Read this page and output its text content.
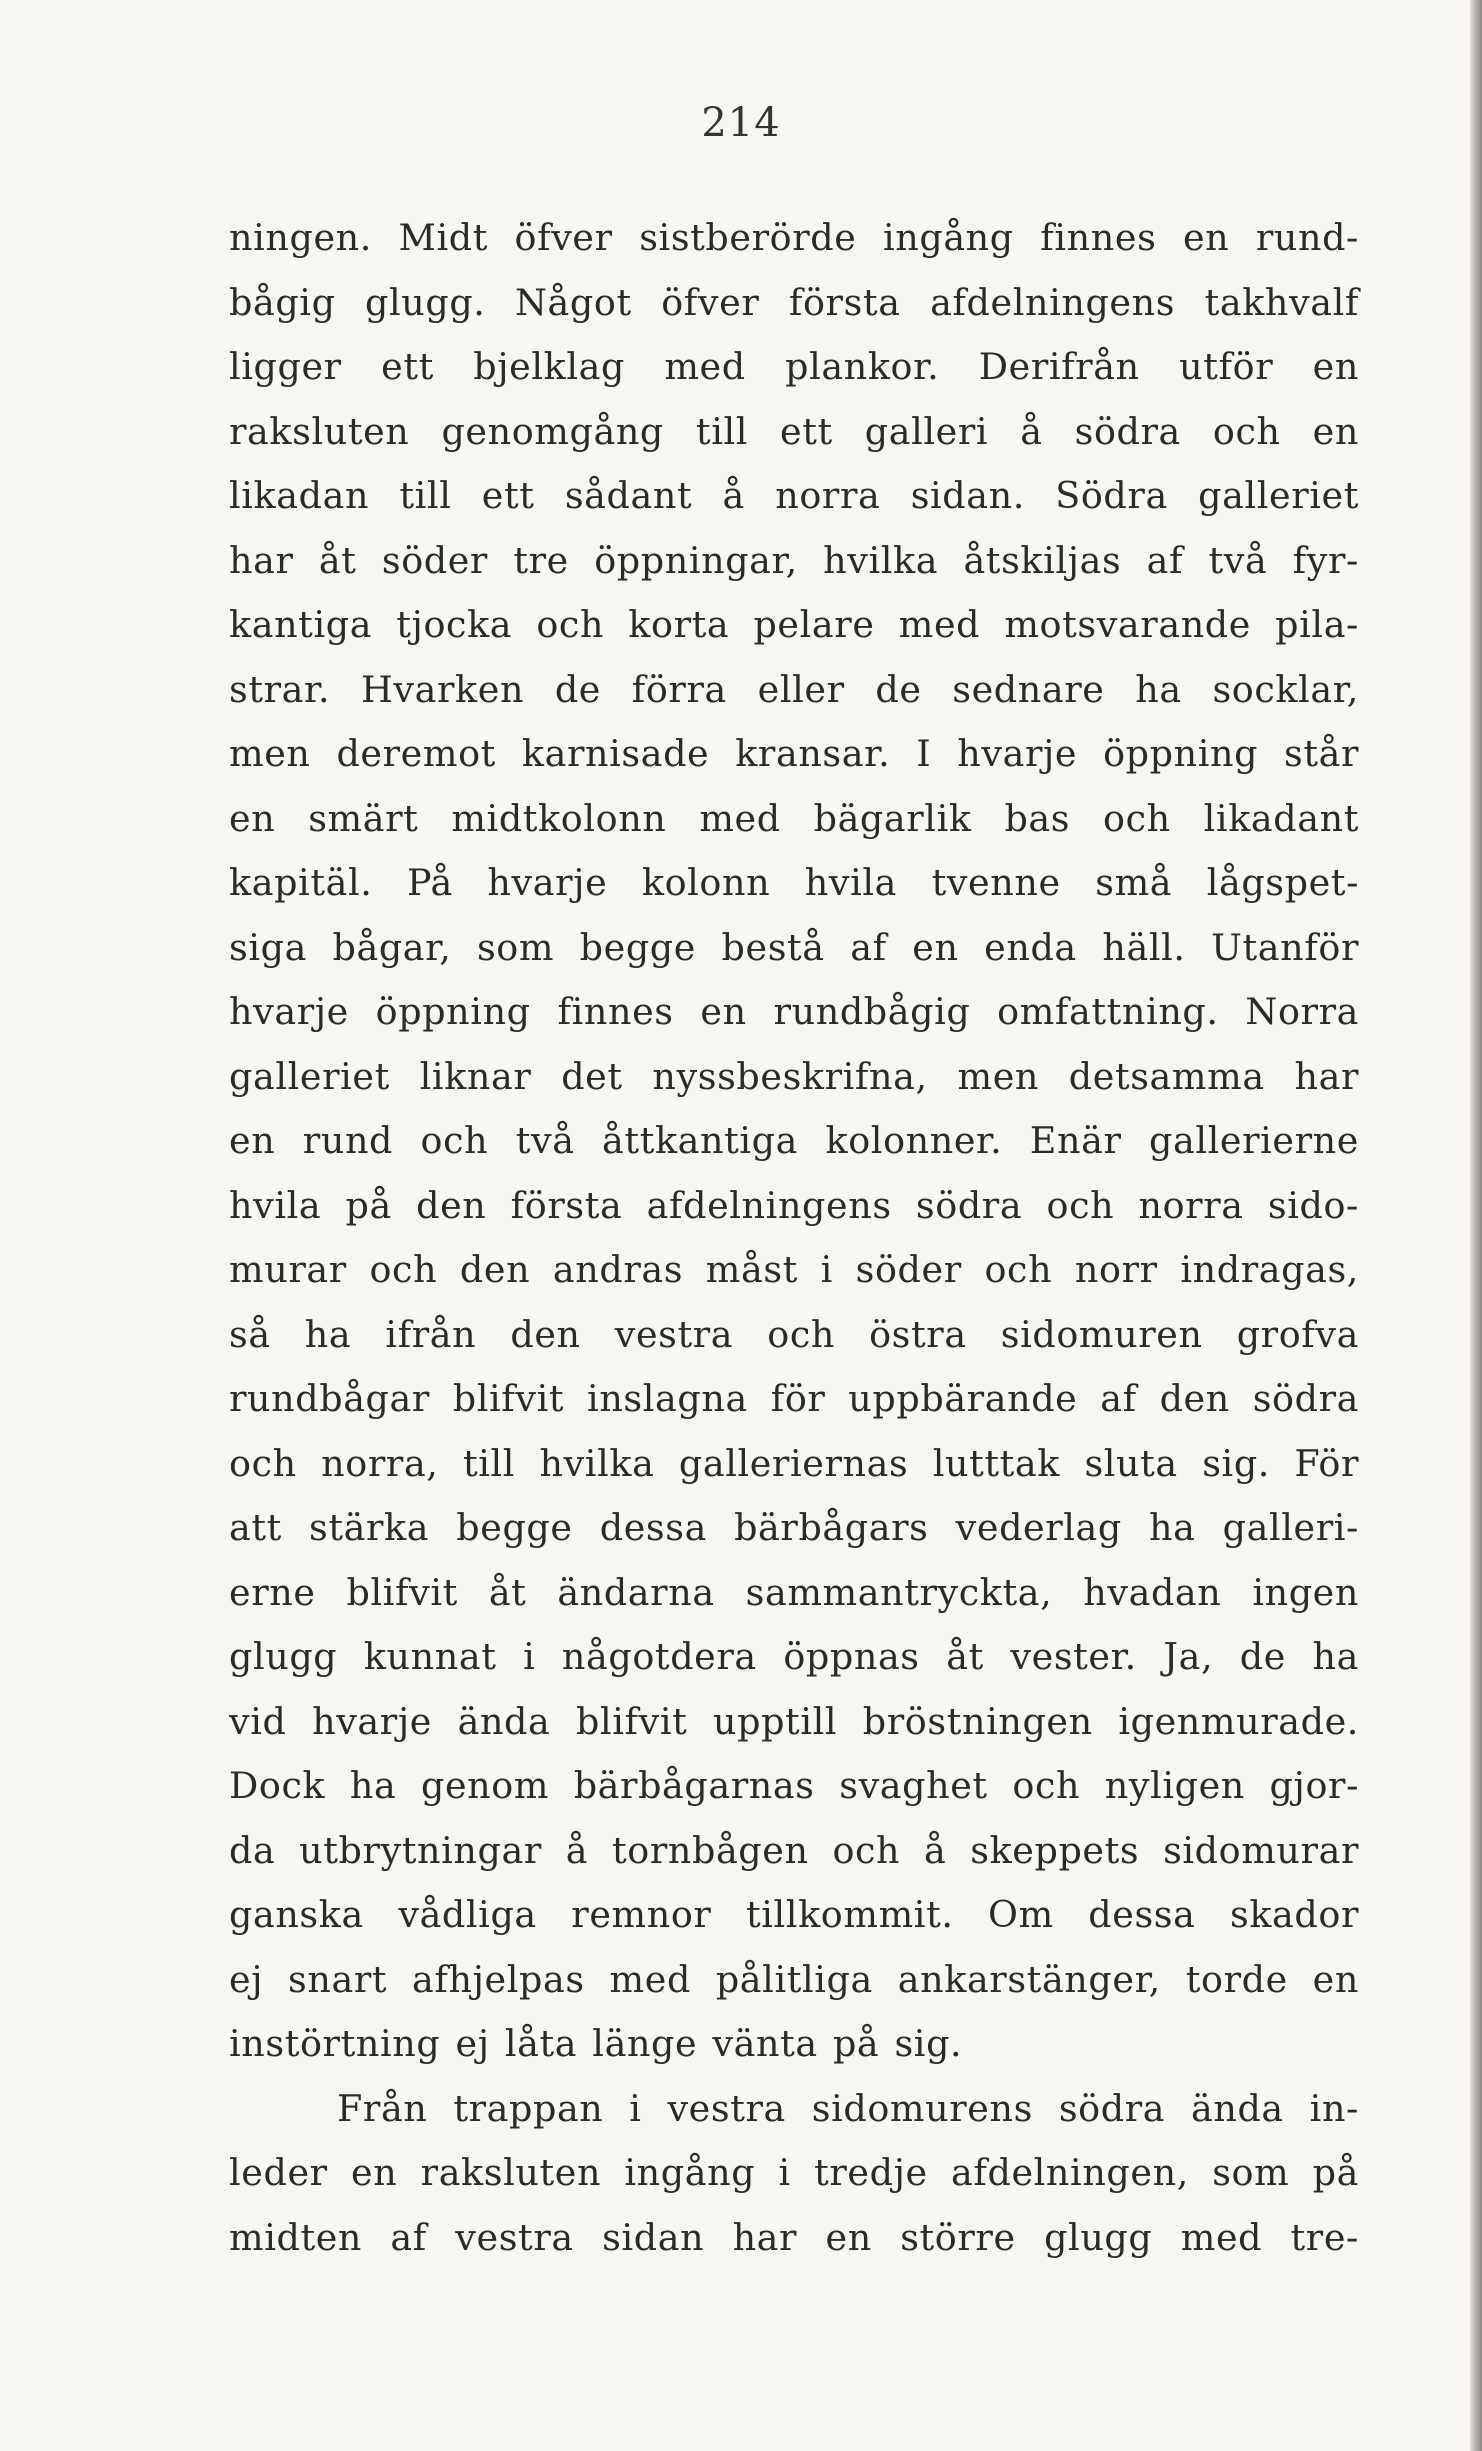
214
ningen. Midt öfver sistberörde ingång finnes en rund-
bågig glugg. Något öfver första afdelningens takhvalf
ligger ett bjelklag med plankor. Derifrån utför en
raksluten genomgång till ett galleri å södra och en
likadan till ett sådant å norra sidan. Södra galleriet
har åt söder tre öppningar, hvilka åtskiljas af två fyr-
kantiga tjocka och korta pelare med motsvarande pila-
strar. Hvarken de förra eller de sednare ha socklar,
men deremot karnisade kransar. I hvarje öppning står
en smärt midtkolonn med bägarlik bas och likadant
kapitäl. På hvarje kolonn hvila tvenne små lågspet-
siga bågar, som begge bestå af en enda häll. Utanför
hvarje öppning finnes en rundbågig omfattning. Norra
galleriet liknar det nyssbeskrifna, men detsamma har
en rund och två åttkantiga kolonner. Enär gallerierne
hvila på den första afdelningens södra och norra sido-
murar och den andras måst i söder och norr indragas,
så ha ifrån den vestra och östra sidomuren grofva
rundbågar blifvit inslagna för uppbärande af den södra
och norra, till hvilka galleriernas lutttak sluta sig. För
att stärka begge dessa bärbågars vederlag ha galleri-
erne blifvit åt ändarna sammantryckta, hvadan ingen
glugg kunnat i någotdera öppnas åt vester. Ja, de ha
vid hvarje ända blifvit upptill bröstningen igenmurade.
Dock ha genom bärbågarnas svaghet och nyligen gjor-
da utbrytningar å tornbågen och å skeppets sidomurar
ganska vådliga remnor tillkommit. Om dessa skador
ej snart afhjelpas med pålitliga ankarstänger, torde en
instörtning ej låta länge vänta på sig.
Från trappan i vestra sidomurens södra ända in-
leder en raksluten ingång i tredje afdelningen, som på
midten af vestra sidan har en större glugg med tre-
